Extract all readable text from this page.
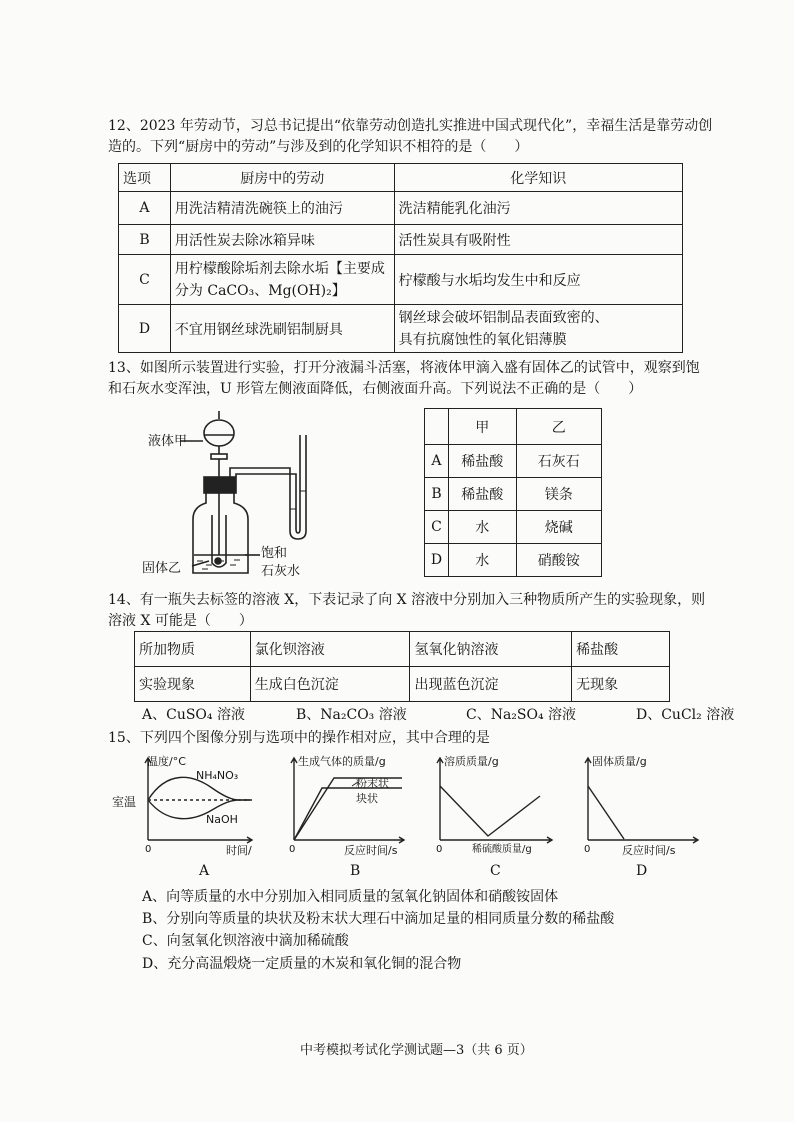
12、2023 年劳动节，习总书记提出“依靠劳动创造扎实推进中国式现代化”，幸福生活是靠劳动创
造的。下列“厨房中的劳动”与涉及到的化学知识不相符的是（　　）
选项	厨房中的劳动	化学知识
A	用洗洁精清洗碗筷上的油污	洗洁精能乳化油污
B	用活性炭去除冰箱异味	活性炭具有吸附性
C	用柠檬酸除垢剂去除水垢【主要成
分为 CaCO₃、Mg(OH)₂】	柠檬酸与水垢均发生中和反应
D	不宜用钢丝球洗刷铝制厨具	钢丝球会破坏铝制品表面致密的、
具有抗腐蚀性的氧化铝薄膜
13、如图所示装置进行实验，打开分液漏斗活塞，将液体甲滴入盛有固体乙的试管中，观察到饱
和石灰水变浑浊，U 形管左侧液面降低，右侧液面升高。下列说法不正确的是（　　）
液体甲
固体乙
饱和
石灰水
	甲	乙
A	稀盐酸	石灰石
B	稀盐酸	镁条
C	水	烧碱
D	水	硝酸铵
14、有一瓶失去标签的溶液 X，下表记录了向 X 溶液中分别加入三种物质所产生的实验现象，则
溶液 X 可能是（　　）
所加物质	氯化钡溶液	氢氧化钠溶液	稀盐酸
实验现象	生成白色沉淀	出现蓝色沉淀	无现象
A、CuSO₄ 溶液	B、Na₂CO₃ 溶液	C、Na₂SO₄ 溶液	D、CuCl₂ 溶液
15、下列四个图像分别与选项中的操作相对应，其中合理的是
温度/°C
NH₄NO₃
NaOH
室温
0	时间/
A
生成气体的质量/g
粉末状
块状
0	反应时间/s
B
溶质质量/g
0	稀硫酸质量/g
C
固体质量/g
0	反应时间/s
D
A、向等质量的水中分别加入相同质量的氢氧化钠固体和硝酸铵固体
B、分别向等质量的块状及粉末状大理石中滴加足量的相同质量分数的稀盐酸
C、向氢氧化钡溶液中滴加稀硫酸
D、充分高温煅烧一定质量的木炭和氧化铜的混合物
中考模拟考试化学测试题—3（共 6 页）
